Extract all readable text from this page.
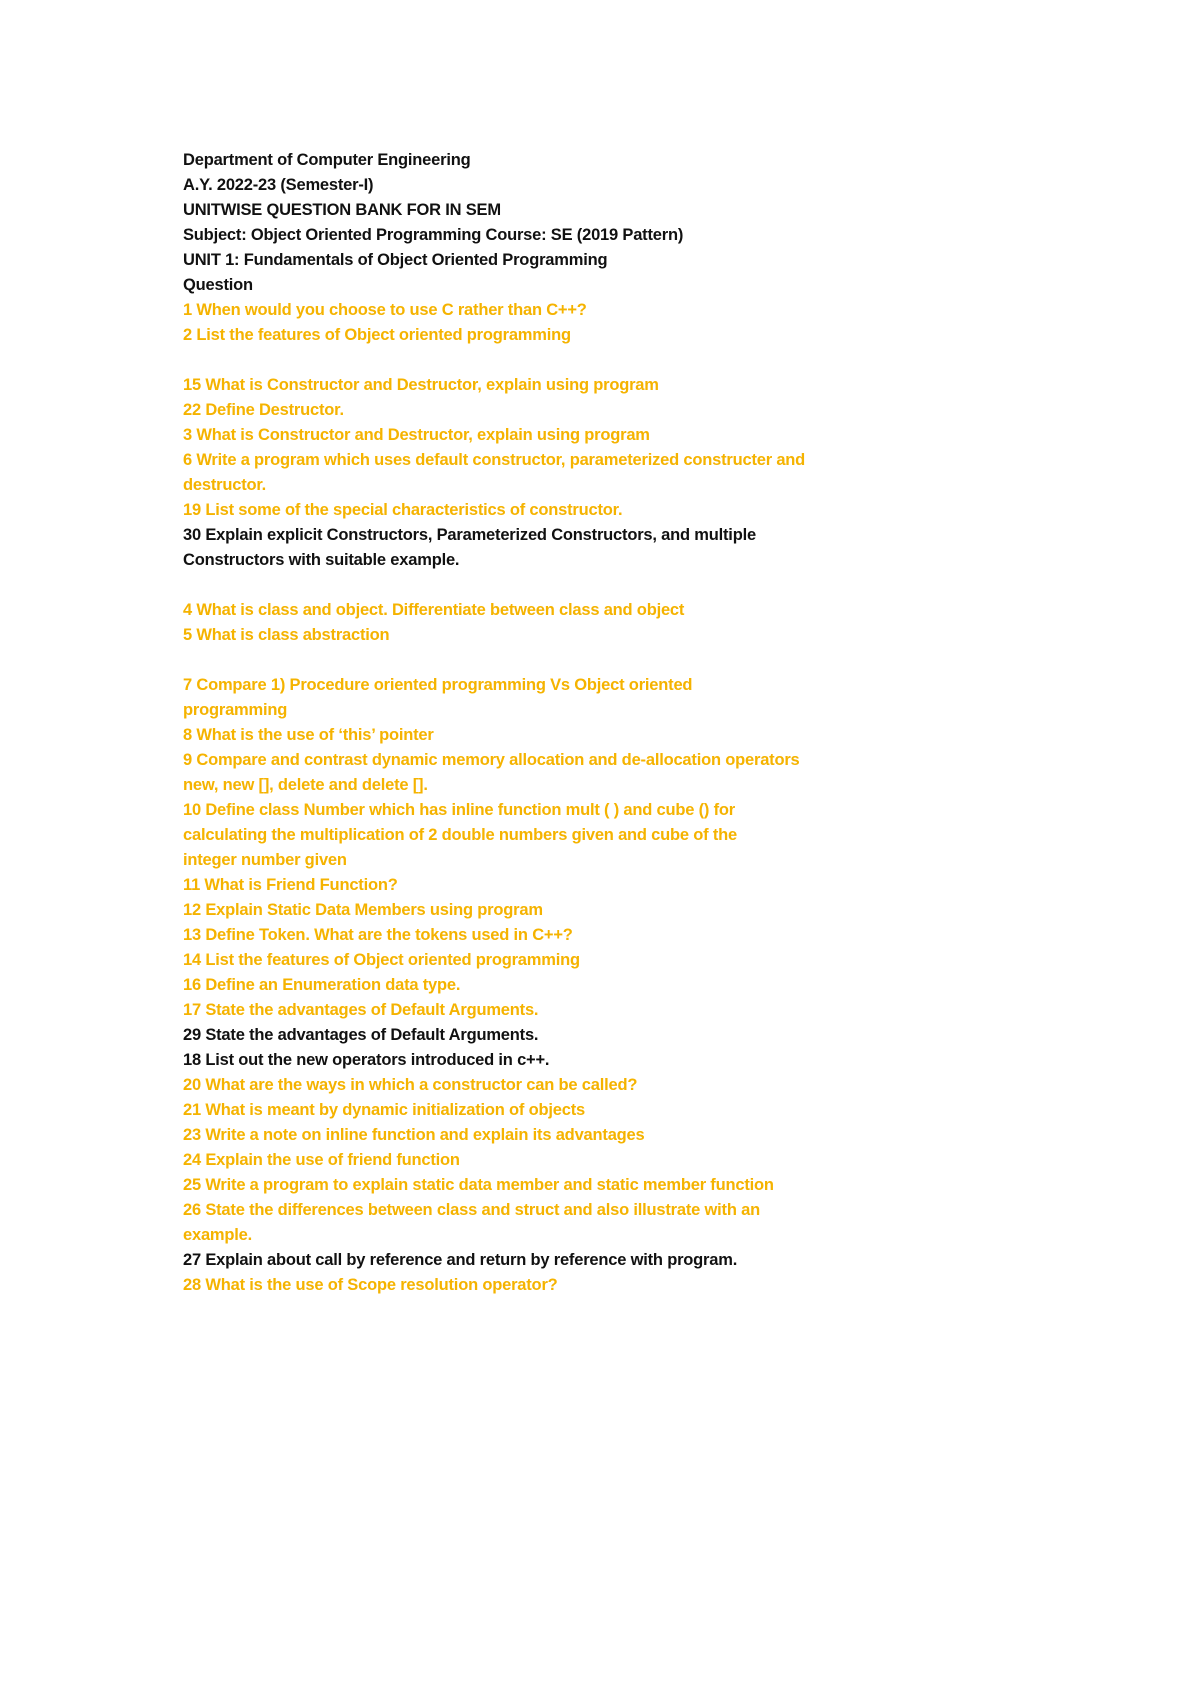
Department of Computer Engineering
A.Y. 2022-23 (Semester-I)
UNITWISE QUESTION BANK FOR IN SEM
Subject: Object Oriented Programming Course: SE (2019 Pattern)
UNIT 1: Fundamentals of Object Oriented Programming
Question
1 When would you choose to use C rather than C++?
2 List the features of Object oriented programming
15 What is Constructor and Destructor, explain using program
22 Define Destructor.
3 What is Constructor and Destructor, explain using program
6 Write a program which uses default constructor, parameterized constructer and
destructor.
19 List some of the special characteristics of constructor.
30 Explain explicit Constructors, Parameterized Constructors, and multiple
Constructors with suitable example.
4 What is class and object. Differentiate between class and object
5 What is class abstraction
7 Compare 1) Procedure oriented programming Vs Object oriented
programming
8 What is the use of ‘this’ pointer
9 Compare and contrast dynamic memory allocation and de-allocation operators
new, new [], delete and delete [].
10 Define class Number which has inline function mult ( ) and cube () for
calculating the multiplication of 2 double numbers given and cube of the
integer number given
11 What is Friend Function?
12 Explain Static Data Members using program
13 Define Token. What are the tokens used in C++?
14 List the features of Object oriented programming
16 Define an Enumeration data type.
17 State the advantages of Default Arguments.
29 State the advantages of Default Arguments.
18 List out the new operators introduced in c++.
20 What are the ways in which a constructor can be called?
21 What is meant by dynamic initialization of objects
23 Write a note on inline function and explain its advantages
24 Explain the use of friend function
25 Write a program to explain static data member and static member function
26 State the differences between class and struct and also illustrate with an
example.
27 Explain about call by reference and return by reference with program.
28 What is the use of Scope resolution operator?
